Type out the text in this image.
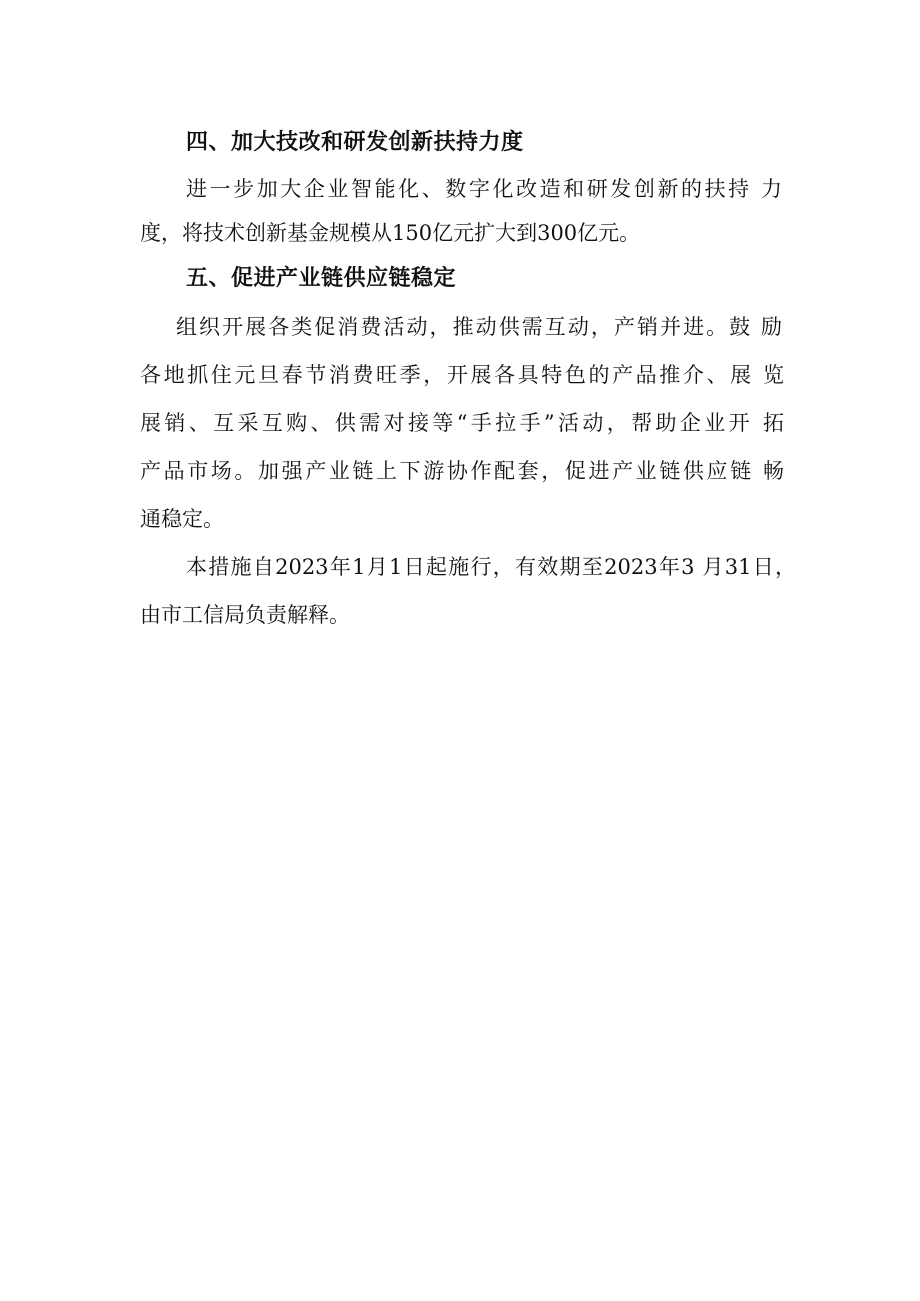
四、加大技改和研发创新扶持力度
进一步加大企业智能化、数字化改造和研发创新的扶持 力
度，将技术创新基金规模从150亿元扩大到300亿元。
五、促进产业链供应链稳定
组织开展各类促消费活动，推动供需互动，产销并进。鼓 励
各地抓住元旦春节消费旺季，开展各具特色的产品推介、展 览
展销、互采互购、供需对接等“手拉手”活动，帮助企业开 拓
产品市场。加强产业链上下游协作配套，促进产业链供应链 畅
通稳定。
本措施自2023年1月1日起施行，有效期至2023年3 月31日，
由市工信局负责解释。
